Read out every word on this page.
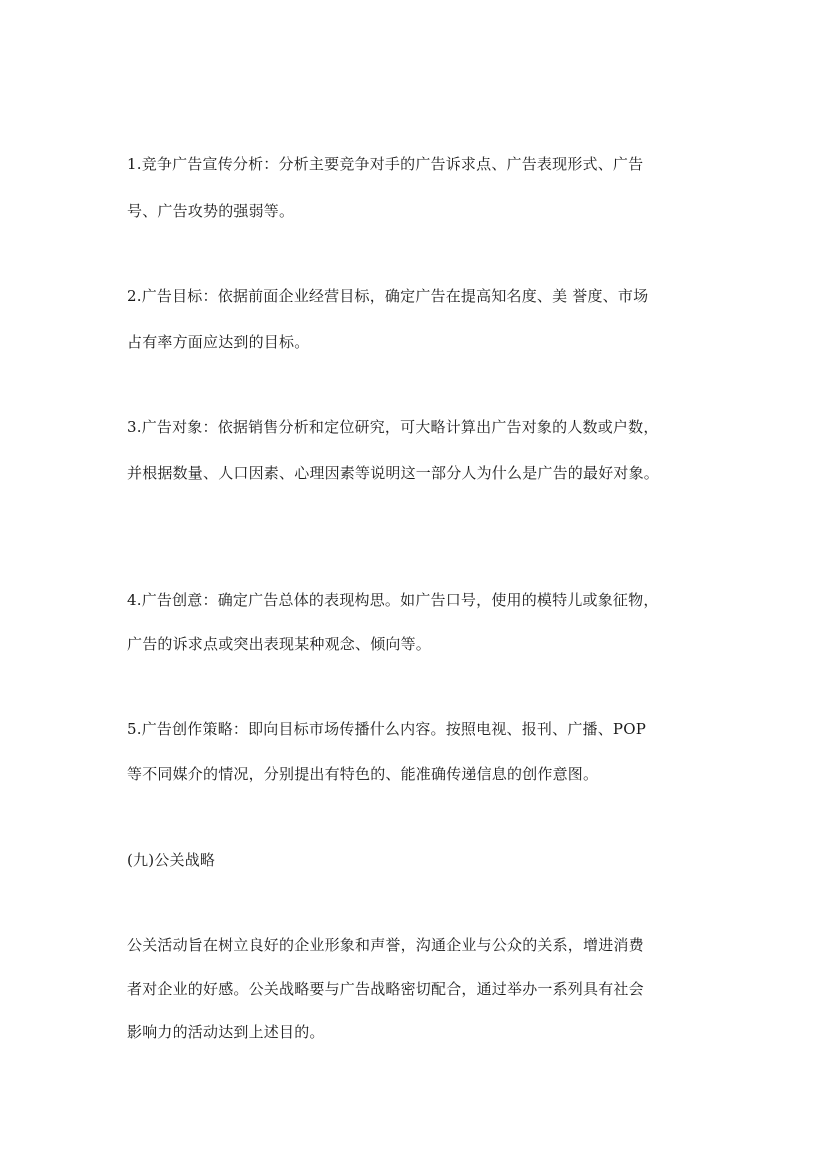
1.竞争广告宣传分析：分析主要竞争对手的广告诉求点、广告表现形式、广告
号、广告攻势的强弱等。
2.广告目标：依据前面企业经营目标，确定广告在提高知名度、美 誉度、市场
占有率方面应达到的目标。
3.广告对象：依据销售分析和定位研究，可大略计算出广告对象的人数或户数，
并根据数量、人口因素、心理因素等说明这一部分人为什么是广告的最好对象。
4.广告创意：确定广告总体的表现构思。如广告口号，使用的模特儿或象征物，
广告的诉求点或突出表现某种观念、倾向等。
5.广告创作策略：即向目标市场传播什么内容。按照电视、报刊、广播、POP
等不同媒介的情况，分别提出有特色的、能准确传递信息的创作意图。
(九)公关战略
公关活动旨在树立良好的企业形象和声誉，沟通企业与公众的关系，增进消费
者对企业的好感。公关战略要与广告战略密切配合，通过举办一系列具有社会
影响力的活动达到上述目的。
